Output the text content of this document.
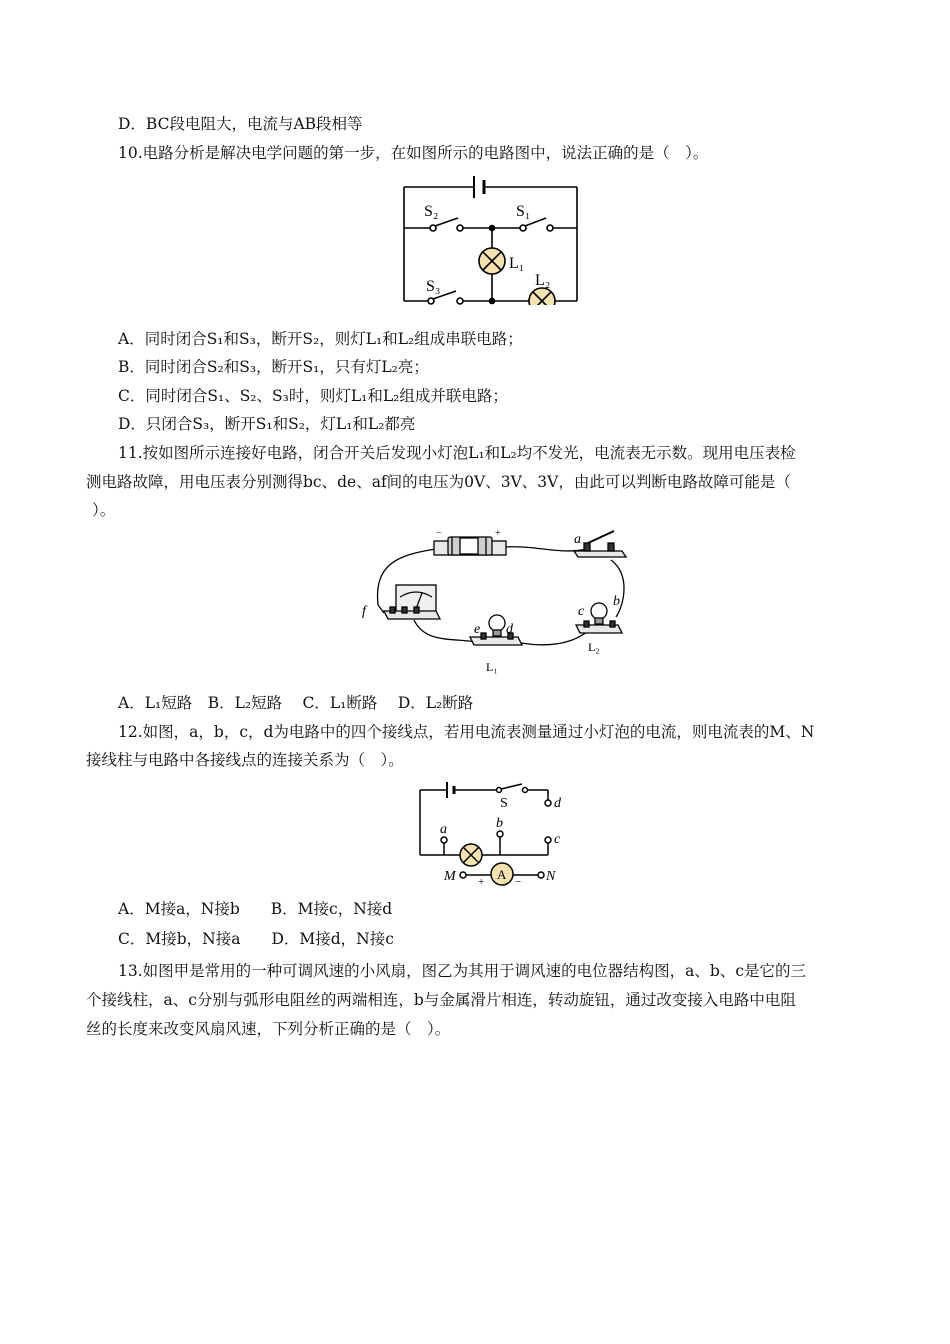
D．BC段电阻大，电流与AB段相等
10.电路分析是解决电学问题的第一步，在如图所示的电路图中，说法正确的是（　）。
S₂	S₁
L₁
L₂
S₃
A．同时闭合S₁和S₃，断开S₂，则灯L₁和L₂组成串联电路；
B．同时闭合S₂和S₃，断开S₁，只有灯L₂亮；
C．同时闭合S₁、S₂、S₃时，则灯L₁和L₂组成并联电路；
D．只闭合S₃，断开S₁和S₂，灯L₁和L₂都亮
11.按如图所示连接好电路，闭合开关后发现小灯泡L₁和L₂均不发光，电流表无示数。现用电压表检
测电路故障，用电压表分别测得bc、de、af间的电压为0V、3V、3V，由此可以判断电路故障可能是（
）。
−	+	a
f
e d
c
b
L₁
L₂
A．L₁短路　B．L₂短路　 C．L₁断路　 D．L₂断路
12.如图，a，b，c，d为电路中的四个接线点，若用电流表测量通过小灯泡的电流，则电流表的M、N
接线柱与电路中各接线点的连接关系为（　）。
S	d
a	b
c
M	N
A
+	−
A．M接a，N接b　　B．M接c，N接d
C．M接b，N接a　　D．M接d，N接c
13.如图甲是常用的一种可调风速的小风扇，图乙为其用于调风速的电位器结构图，a、b、c是它的三
个接线柱，a、c分别与弧形电阻丝的两端相连，b与金属滑片相连，转动旋钮，通过改变接入电路中电阻
丝的长度来改变风扇风速，下列分析正确的是（　）。
